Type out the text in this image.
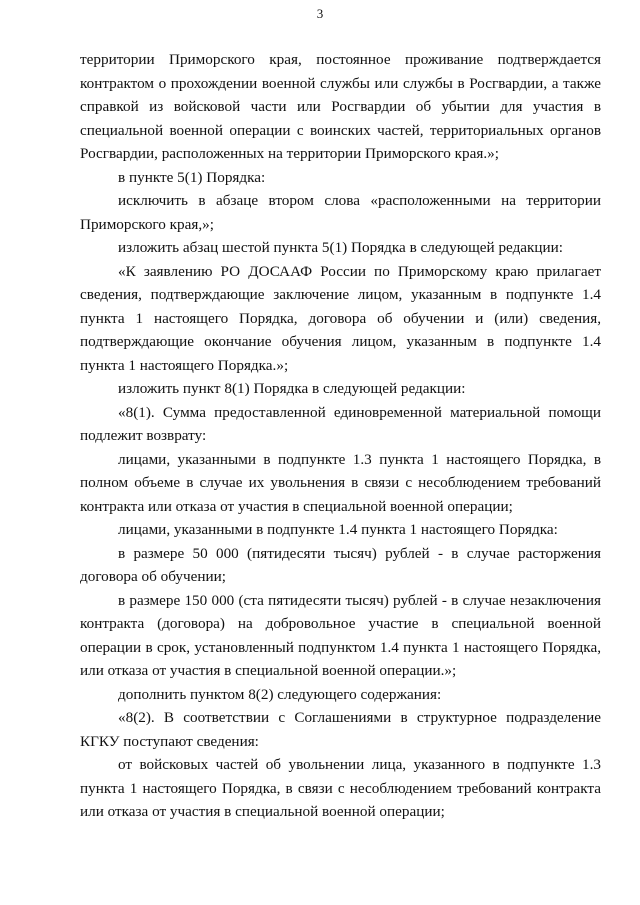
3

территории Приморского края, постоянное проживание подтверждается контрактом о прохождении военной службы или службы в Росгвардии, а также справкой из войсковой части или Росгвардии об убытии для участия в специальной военной операции с воинских частей, территориальных органов Росгвардии, расположенных на территории Приморского края.»;

в пункте 5(1) Порядка:

исключить в абзаце втором слова «расположенными на территории Приморского края,»;

изложить абзац шестой пункта 5(1) Порядка в следующей редакции:

«К заявлению РО ДОСААФ России по Приморскому краю прилагает сведения, подтверждающие заключение лицом, указанным в подпункте 1.4 пункта 1 настоящего Порядка, договора об обучении и (или) сведения, подтверждающие окончание обучения лицом, указанным в подпункте 1.4 пункта 1 настоящего Порядка.»;

изложить пункт 8(1) Порядка в следующей редакции:

«8(1). Сумма предоставленной единовременной материальной помощи подлежит возврату:

лицами, указанными в подпункте 1.3 пункта 1 настоящего Порядка, в полном объеме в случае их увольнения в связи с несоблюдением требований контракта или отказа от участия в специальной военной операции;

лицами, указанными в подпункте 1.4 пункта 1 настоящего Порядка:

в размере 50 000 (пятидесяти тысяч) рублей - в случае расторжения договора об обучении;

в размере 150 000 (ста пятидесяти тысяч) рублей - в случае незаключения контракта (договора) на добровольное участие в специальной военной операции в срок, установленный подпунктом 1.4 пункта 1 настоящего Порядка, или отказа от участия в специальной военной операции.»;

дополнить пунктом 8(2) следующего содержания:

«8(2). В соответствии с Соглашениями в структурное подразделение КГКУ поступают сведения:

от войсковых частей об увольнении лица, указанного в подпункте 1.3 пункта 1 настоящего Порядка, в связи с несоблюдением требований контракта или отказа от участия в специальной военной операции;
